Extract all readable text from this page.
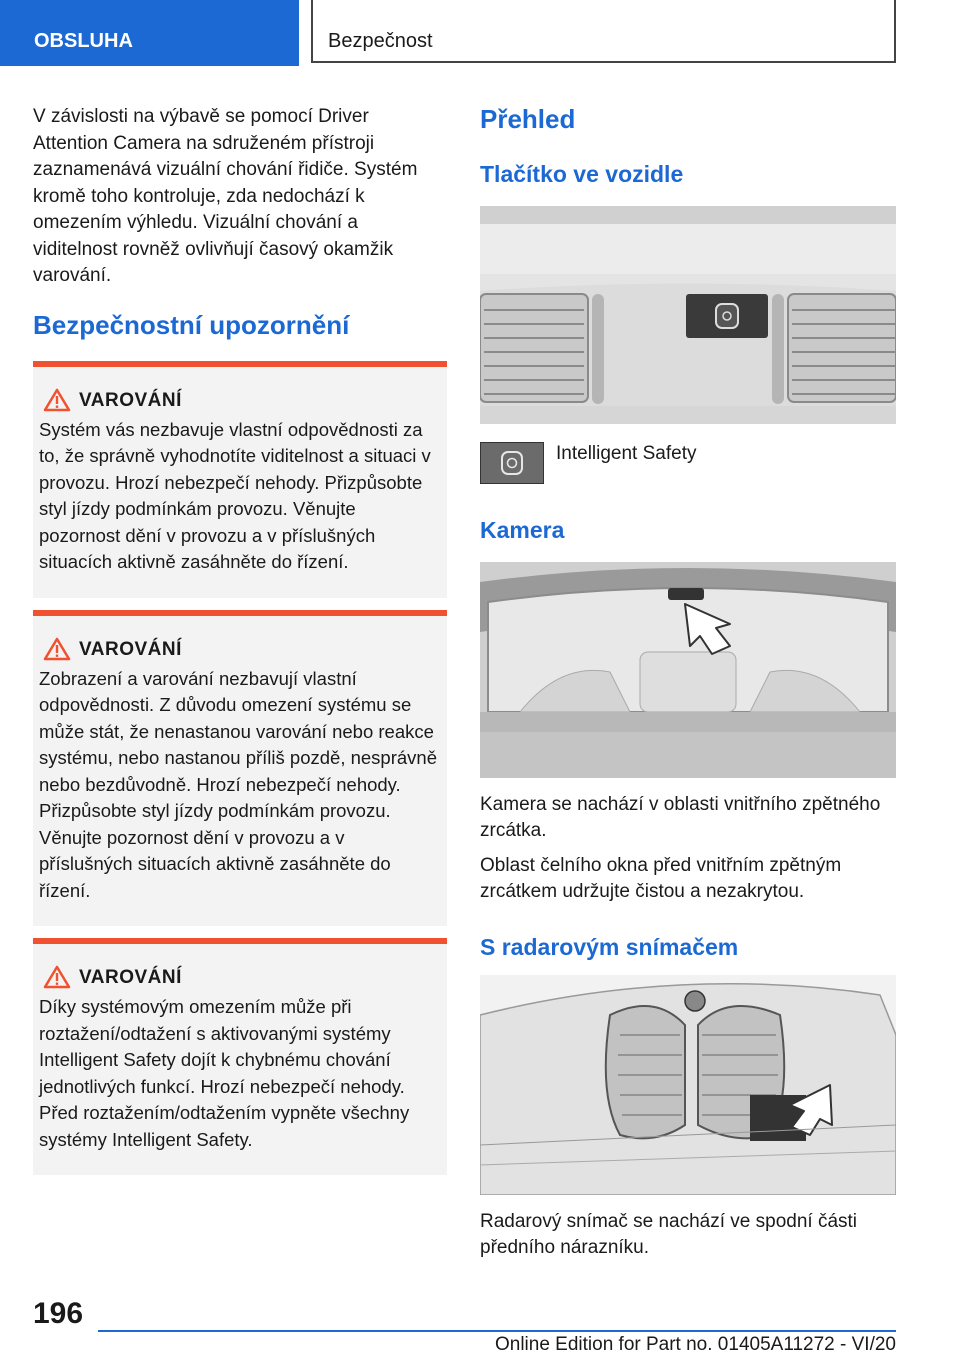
OBSLUHA	Bezpečnost

V závislosti na výbavě se pomocí Driver Attention Camera na sdruženém přístroji zaznamenává vizuální chování řidiče. Systém kromě toho kontroluje, zda nedochází k omezením výhledu. Vizuální chování a viditelnost rovněž ovlivňují časový okamžik varování.

Bezpečnostní upozornění
VAROVÁNÍ
Systém vás nezbavuje vlastní odpovědnosti za to, že správně vyhodnotíte viditelnost a situaci v provozu. Hrozí nebezpečí nehody. Přizpůsobte styl jízdy podmínkám provozu. Věnujte pozornost dění v provozu a v příslušných situacích aktivně zasáhněte do řízení.
VAROVÁNÍ
Zobrazení a varování nezbavují vlastní odpovědnosti. Z důvodu omezení systému se může stát, že nenastanou varování nebo reakce systému, nebo nastanou příliš pozdě, nesprávně nebo bezdůvodně. Hrozí nebezpečí nehody. Přizpůsobte styl jízdy podmínkám provozu. Věnujte pozornost dění v provozu a v příslušných situacích aktivně zasáhněte do řízení.
VAROVÁNÍ
Díky systémovým omezením může při roztažení/odtažení s aktivovanými systémy Intelligent Safety dojít k chybnému chování jednotlivých funkcí. Hrozí nebezpečí nehody. Před roztažením/odtažením vypněte všechny systémy Intelligent Safety.
Přehled
Tlačítko ve vozidle
Intelligent Safety
Kamera

Kamera se nachází v oblasti vnitřního zpětného zrcátka.

Oblast čelního okna před vnitřním zpětným zrcátkem udržujte čistou a nezakrytou.

S radarovým snímačem

Radarový snímač se nachází ve spodní části předního nárazníku.

196
Online Edition for Part no. 01405A11272 - VI/20
